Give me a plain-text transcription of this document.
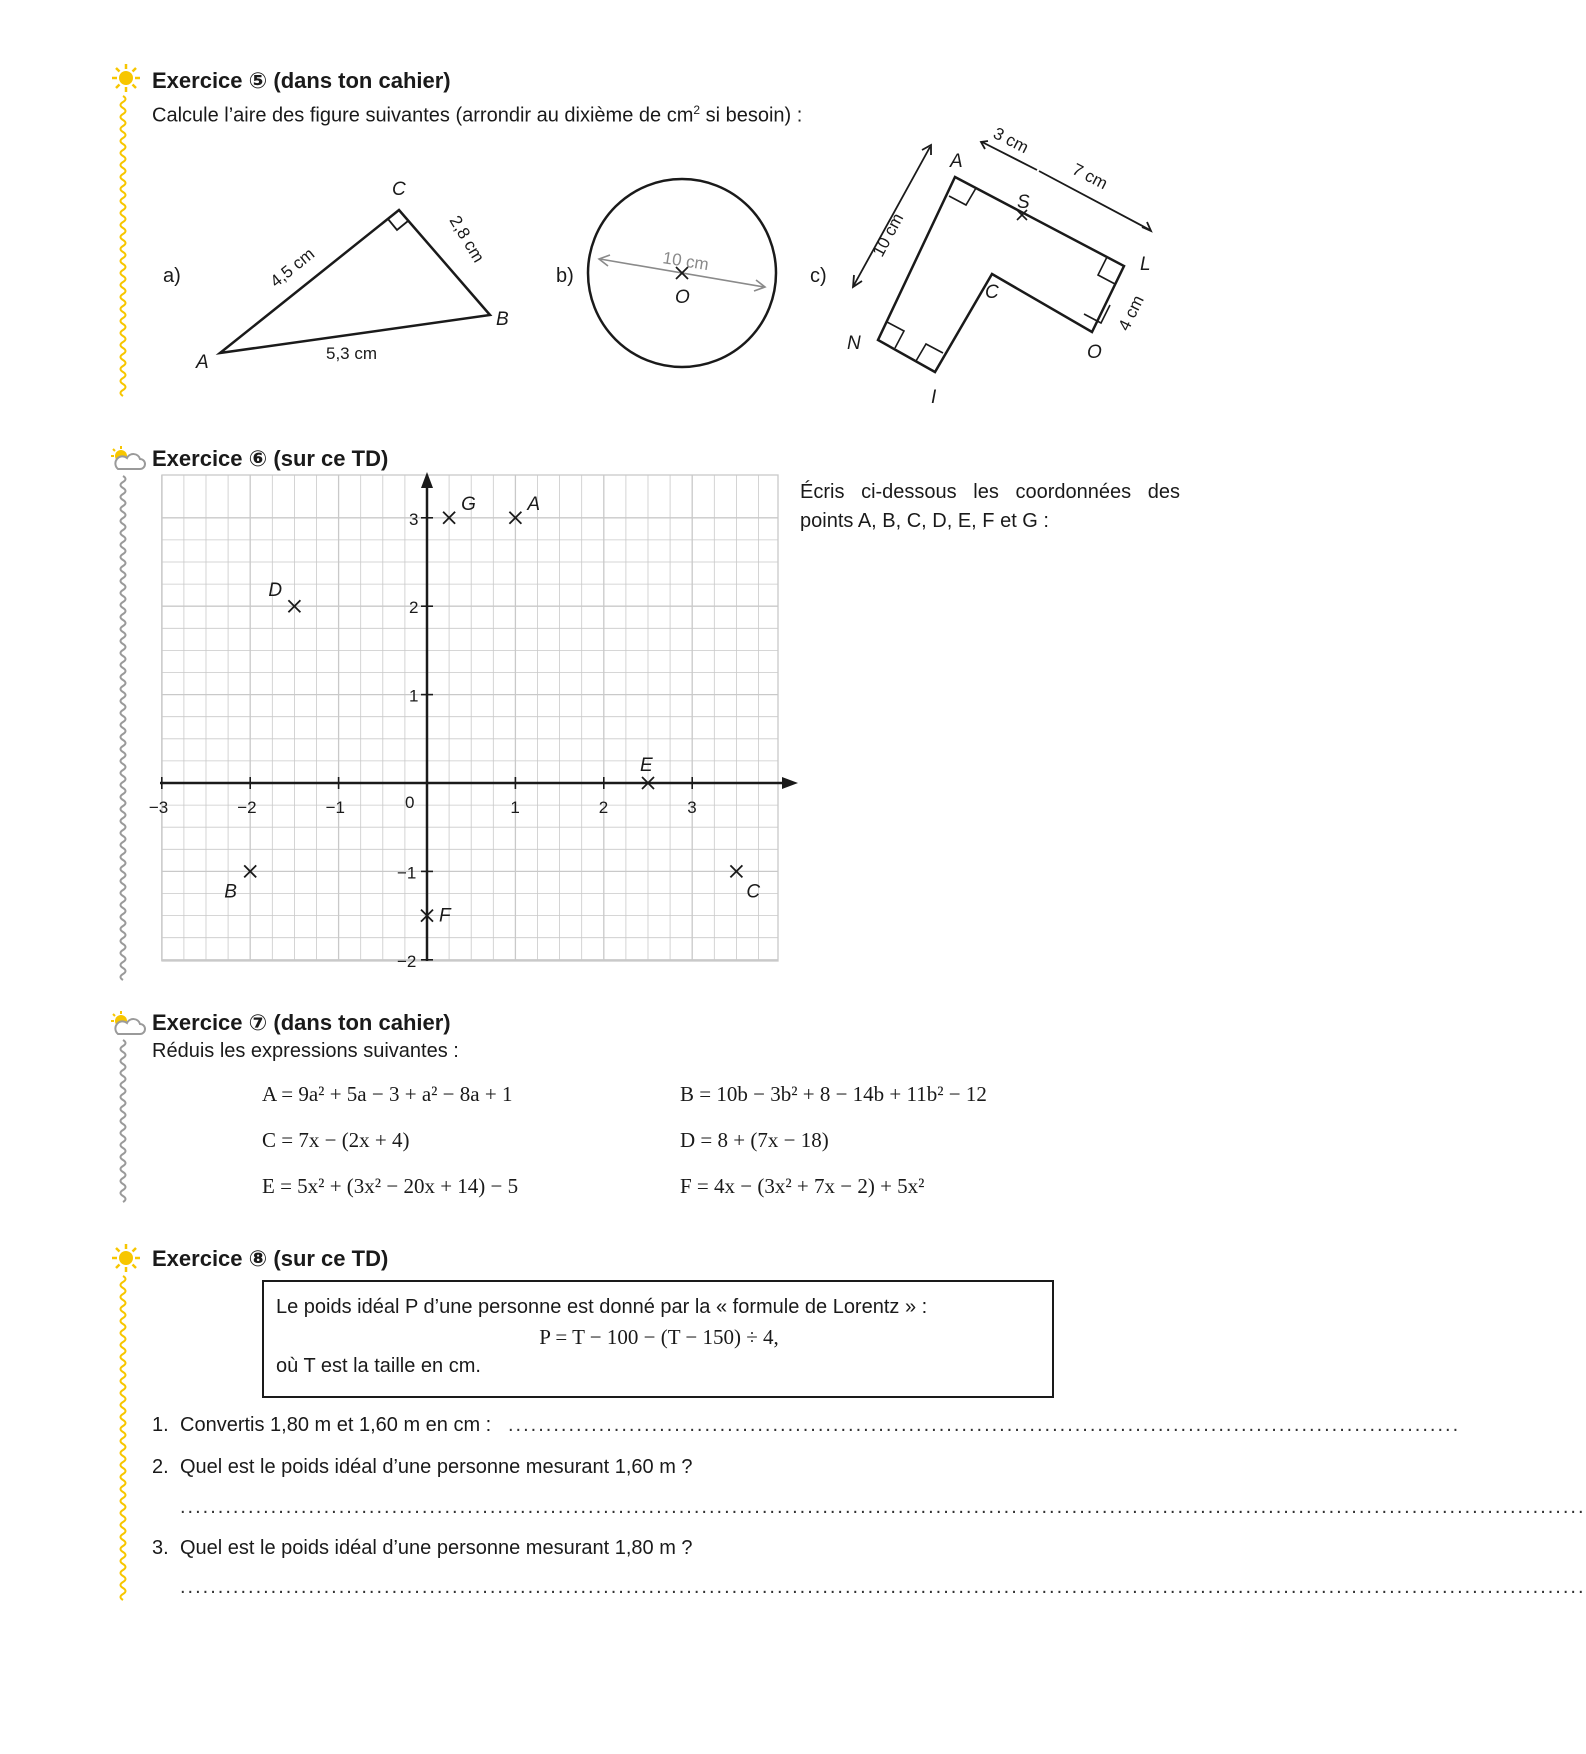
Exercice ⑤ (dans ton cahier)
Calcule l’aire des figure suivantes (arrondir au dixième de $cm^2$ si besoin) :
a)
A
B
C
4,5 cm
2,8 cm
5,3 cm
b)
10 cm
O
c)
A
S
L
O
C
I
N
3 cm
7 cm
10 cm
4 cm
Exercice ⑥ (sur ce TD)
−3	−2	−1	1	2	3
3
2
1
−1
−2
0
A
B	C
D
E
F
G
Écris ci-dessous les coordonnées des points A, B, C, D, E, F et G :
Exercice ⑦ (dans ton cahier)
Réduis les expressions suivantes :
A = 9a² + 5a − 3 + a² − 8a + 1	B = 10b − 3b² + 8 − 14b + 11b² − 12
C = 7x − (2x + 4)	D = 8 + (7x − 18)
E = 5x² + (3x² − 20x + 14) − 5	F = 4x − (3x² + 7x − 2) + 5x²
Exercice ⑧ (sur ce TD)
Le poids idéal P d’une personne est donné par la « formule de Lorentz » :
P = T − 100 − (T − 150) ÷ 4,
où T est la taille en cm.
1. Convertis 1,80 m et 1,60 m en cm : ..............................................................................................................................
2. Quel est le poids idéal d’une personne mesurant 1,60 m ?
..........................................................................................................................................................................................
3. Quel est le poids idéal d’une personne mesurant 1,80 m ?
..........................................................................................................................................................................................
